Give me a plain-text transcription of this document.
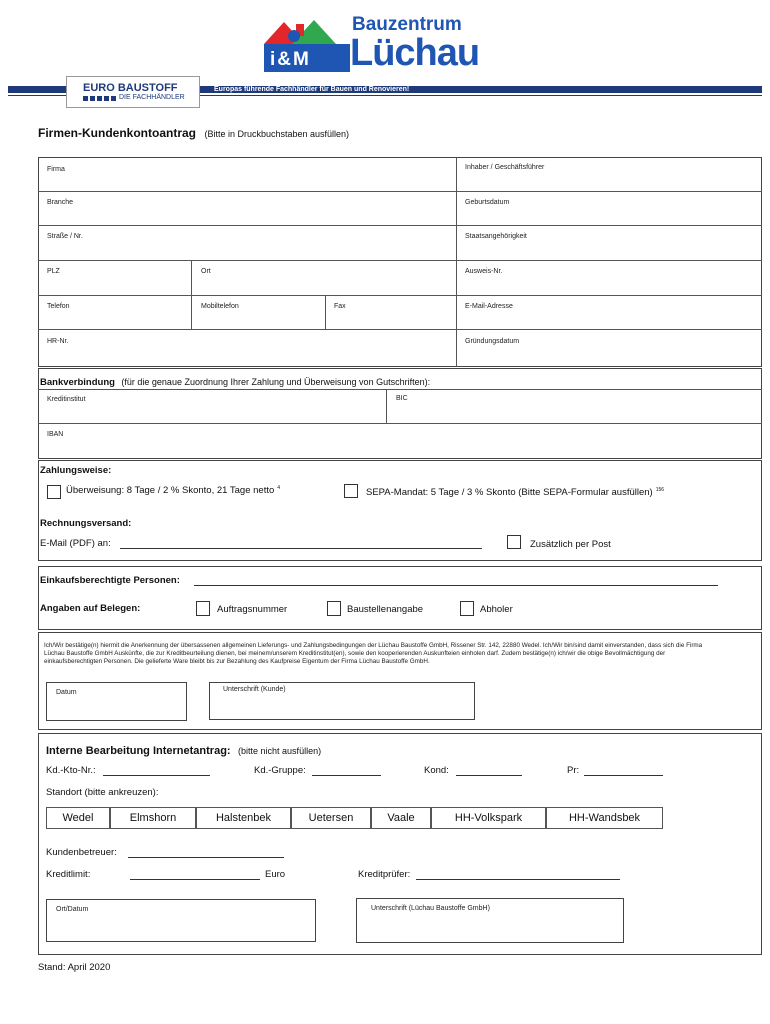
i&M
Bauzentrum
Lüchau
EURO BAUSTOFF
DIE FACHHÄNDLER
Europas führende Fachhändler für Bauen und Renovieren!
Firmen-Kundenkontoantrag (Bitte in Druckbuchstaben ausfüllen)
Firma	Inhaber / Geschäftsführer
Branche	Geburtsdatum
Straße / Nr.	Staatsangehörigkeit
PLZ	Ort	Ausweis-Nr.
Telefon	Mobiltelefon	Fax	E-Mail-Adresse
HR-Nr.	Gründungsdatum
Bankverbindung (für die genaue Zuordnung Ihrer Zahlung und Überweisung von Gutschriften):
Kreditinstitut	BIC
IBAN
Zahlungsweise:
Überweisung: 8 Tage / 2 % Skonto, 21 Tage netto $^4$	SEPA-Mandat: 5 Tage / 3 % Skonto (Bitte SEPA-Formular ausfüllen) $^{156}$
Rechnungsversand:
E-Mail (PDF) an:	Zusätzlich per Post
Einkaufsberechtigte Personen:
Angaben auf Belegen:	Auftragsnummer	Baustellenangabe	Abholer
Ich/Wir bestätige(n) hiermit die Anerkennung der übersassenen allgemeinen Lieferungs- und Zahlungsbedingungen der Lüchau Baustoffe GmbH, Rissener Str. 142, 22880 Wedel. Ich/Wir bin/sind damit einverstanden, dass sich die Firma Lüchau Baustoffe GmbH Auskünfte, die zur Kreditbeurteilung dienen, bei meinem/unserem Kreditinstitut(en), sowie den kooperierenden Auskunfteien einholen darf. Zudem bestätige(n) ich/wir die obige Bevollmächtigung der einkaufsberechtigten Personen. Die gelieferte Ware bleibt bis zur Bezahlung des Kaufpreise Eigentum der Firma Lüchau Baustoffe GmbH.
Datum	Unterschrift (Kunde)
Interne Bearbeitung Internetantrag: (bitte nicht ausfüllen)
Kd.-Kto-Nr.:	Kd.-Gruppe:	Kond:	Pr:
Standort (bitte ankreuzen):
Wedel	Elmshorn	Halstenbek	Uetersen	Vaale	HH-Volkspark	HH-Wandsbek
Kundenbetreuer:
Kreditlimit:	Euro	Kreditprüfer:
Ort/Datum	Unterschrift (Lüchau Baustoffe GmbH)
Stand: April 2020
